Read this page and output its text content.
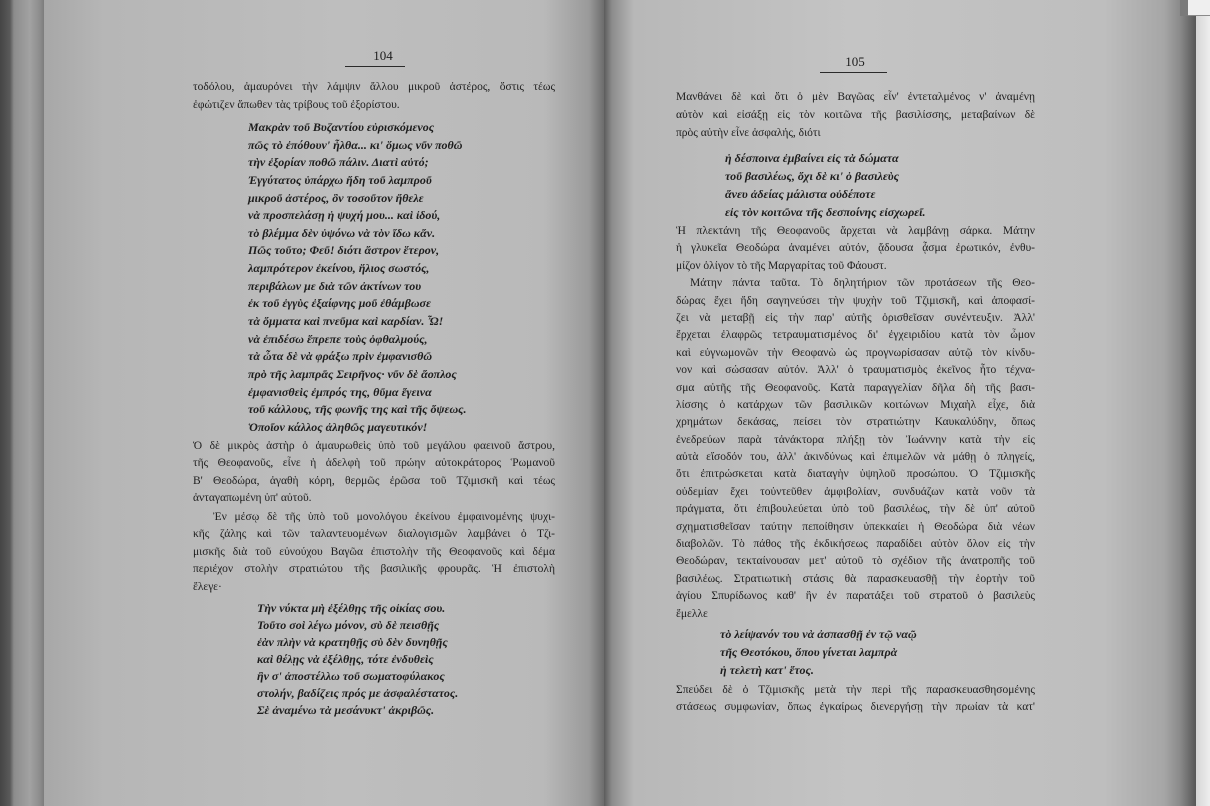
104
τοδόλου, ἀμαυρόνει τὴν λάμψιν ἄλλου μικροῦ ἀστέρος, ὅστις τέως
ἐφώτιζεν ἄπωθεν τὰς τρίβους τοῦ ἐξορίστου.
Μακρὰν τοῦ Βυζαντίου εὑρισκόμενος
πῶς τὸ ἐπόθουν' ἦλθα... κι' ὅμως νῦν ποθῶ
τὴν ἐξορίαν ποθῶ πάλιν. Διατὶ αὐτό;
Ἐγγύτατος ὑπάρχω ἤδη τοῦ λαμπροῦ
μικροῦ ἀστέρος, ὃν τοσοῦτον ἤθελε
νὰ προσπελάσῃ ἡ ψυχή μου... καὶ ἰδού,
τὸ βλέμμα δὲν ὑψόνω νὰ τὸν ἴδω κἄν.
Πῶς τοῦτο; Φεῦ! διότι ἄστρον ἕτερον,
λαμπρότερον ἐκείνου, ἥλιος σωστός,
περιβάλων με διὰ τῶν ἀκτίνων του
ἐκ τοῦ ἐγγὺς ἐξαίφνης μοῦ ἐθάμβωσε
τὰ ὄμματα καὶ πνεῦμα καὶ καρδίαν. Ὦ!
νὰ ἐπιδέσω ἔπρεπε τοὺς ὀφθαλμούς,
τὰ ὦτα δὲ νὰ φράξω πρὶν ἐμφανισθῶ
πρὸ τῆς λαμπρᾶς Σειρῆνος· νῦν δὲ ἄοπλος
ἐμφανισθεὶς ἐμπρός της, θῦμα ἔγεινα
τοῦ κάλλους, τῆς φωνῆς της καὶ τῆς ὄψεως.
Ὁποῖον κάλλος ἀληθῶς μαγευτικόν!
Ὁ δὲ μικρὸς ἀστὴρ ὁ ἀμαυρωθεὶς ὑπὸ τοῦ μεγάλου φαεινοῦ ἄστρου,
τῆς Θεοφανοῦς, εἶνε ἡ ἀδελφὴ τοῦ πρώην αὐτοκράτορος Ῥωμανοῦ
Β' Θεοδώρα, ἀγαθὴ κόρη, θερμῶς ἐρῶσα τοῦ Τζιμισκῆ καὶ τέως
ἀνταγαπωμένη ὑπ' αὐτοῦ.
Ἐν μέσῳ δὲ τῆς ὑπὸ τοῦ μονολόγου ἐκείνου ἐμφαινομένης ψυχι-
κῆς ζάλης καὶ τῶν ταλαντευομένων διαλογισμῶν λαμβάνει ὁ Τζι-
μισκῆς διὰ τοῦ εὐνούχου Βαγῶα ἐπιστολὴν τῆς Θεοφανοῦς καὶ δέμα
περιέχον στολὴν στρατιώτου τῆς βασιλικῆς φρουρᾶς. Ἡ ἐπιστολὴ
ἔλεγε·
Τὴν νύκτα μὴ ἐξέλθῃς τῆς οἰκίας σου.
Τοῦτο σοὶ λέγω μόνον, σὺ δὲ πεισθῇς
ἐὰν πλὴν νὰ κρατηθῇς σὺ δὲν δυνηθῇς
καὶ θέλῃς νὰ ἐξέλθῃς, τότε ἐνδυθεὶς
ἣν σ' ἀποστέλλω τοῦ σωματοφύλακος
στολήν, βαδίζεις πρός με ἀσφαλέστατος.
Σὲ ἀναμένω τὰ μεσάνυκτ' ἀκριβῶς.
105
Μανθάνει δὲ καὶ ὅτι ὁ μὲν Βαγῶας εἶν' ἐντεταλμένος ν' ἀναμένῃ
αὐτὸν καὶ εἰσάξῃ εἰς τὸν κοιτῶνα τῆς βασιλίσσης, μεταβαίνων δὲ
πρὸς αὐτὴν εἶνε ἀσφαλής, διότι
ἡ δέσποινα ἐμβαίνει εἰς τὰ δώματα
τοῦ βασιλέως, ὄχι δὲ κι' ὁ βασιλεὺς
ἄνευ ἀδείας μάλιστα οὐδέποτε
εἰς τὸν κοιτῶνα τῆς δεσποίνης εἰσχωρεῖ.
Ἡ πλεκτάνη τῆς Θεοφανοῦς ἄρχεται νὰ λαμβάνῃ σάρκα. Μάτην
ἡ γλυκεῖα Θεοδώρα ἀναμένει αὐτόν, ᾄδουσα ᾆσμα ἐρωτικόν, ἐνθυ-
μίζον ὀλίγον τὸ τῆς Μαργαρίτας τοῦ Φάουστ.
Μάτην πάντα ταῦτα. Τὸ δηλητήριον τῶν προτάσεων τῆς Θεο-
δώρας ἔχει ἤδη σαγηνεύσει τὴν ψυχὴν τοῦ Τζιμισκῆ, καὶ ἀποφασί-
ζει νὰ μεταβῇ εἰς τὴν παρ' αὐτῆς ὁρισθεῖσαν συνέντευξιν. Ἀλλ'
ἔρχεται ἐλαφρῶς τετραυματισμένος δι' ἐγχειριδίου κατὰ τὸν ὦμον
καὶ εὐγνωμονῶν τὴν Θεοφανὼ ὡς προγνωρίσασαν αὐτῷ τὸν κίνδυ-
νον καὶ σώσασαν αὐτόν. Ἀλλ' ὁ τραυματισμὸς ἐκεῖνος ἦτο τέχνα-
σμα αὐτῆς τῆς Θεοφανοῦς. Κατὰ παραγγελίαν δῆλα δὴ τῆς βασι-
λίσσης ὁ κατάρχων τῶν βασιλικῶν κοιτώνων Μιχαὴλ εἶχε, διὰ
χρημάτων δεκάσας, πείσει τὸν στρατιώτην Καυκαλύδην, ὅπως
ἐνεδρεύων παρὰ τἀνάκτορα πλήξῃ τὸν Ἰωάννην κατὰ τὴν εἰς
αὐτὰ εἴσοδόν του, ἀλλ' ἀκινδύνως καὶ ἐπιμελῶν νὰ μάθῃ ὁ πληγείς,
ὅτι ἐπιτρώσκεται κατὰ διαταγὴν ὑψηλοῦ προσώπου. Ὁ Τζιμισκῆς
οὐδεμίαν ἔχει τοὐντεῦθεν ἀμφιβολίαν, συνδυάζων κατὰ νοῦν τὰ
πράγματα, ὅτι ἐπιβουλεύεται ὑπὸ τοῦ βασιλέως, τὴν δὲ ὑπ' αὐτοῦ
σχηματισθεῖσαν ταύτην πεποίθησιν ὑπεκκαίει ἡ Θεοδώρα διὰ νέων
διαβολῶν. Τὸ πάθος τῆς ἐκδικήσεως παραδίδει αὐτὸν ὅλον εἰς τὴν
Θεοδώραν, τεκταίνουσαν μετ' αὐτοῦ τὸ σχέδιον τῆς ἀνατροπῆς τοῦ
βασιλέως. Στρατιωτικὴ στάσις θὰ παρασκευασθῇ τὴν ἑορτὴν τοῦ
ἁγίου Σπυρίδωνος καθ' ἣν ἐν παρατάξει τοῦ στρατοῦ ὁ βασιλεὺς
ἔμελλε
τὸ λείψανόν του νὰ ἀσπασθῇ ἐν τῷ ναῷ
τῆς Θεοτόκου, ὅπου γίνεται λαμπρὰ
ἡ τελετὴ κατ' ἔτος.
Σπεύδει δὲ ὁ Τζιμισκῆς μετὰ τὴν περὶ τῆς παρασκευασθησομένης
στάσεως συμφωνίαν, ὅπως ἐγκαίρως διενεργήσῃ τὴν πρωίαν τὰ κατ'
